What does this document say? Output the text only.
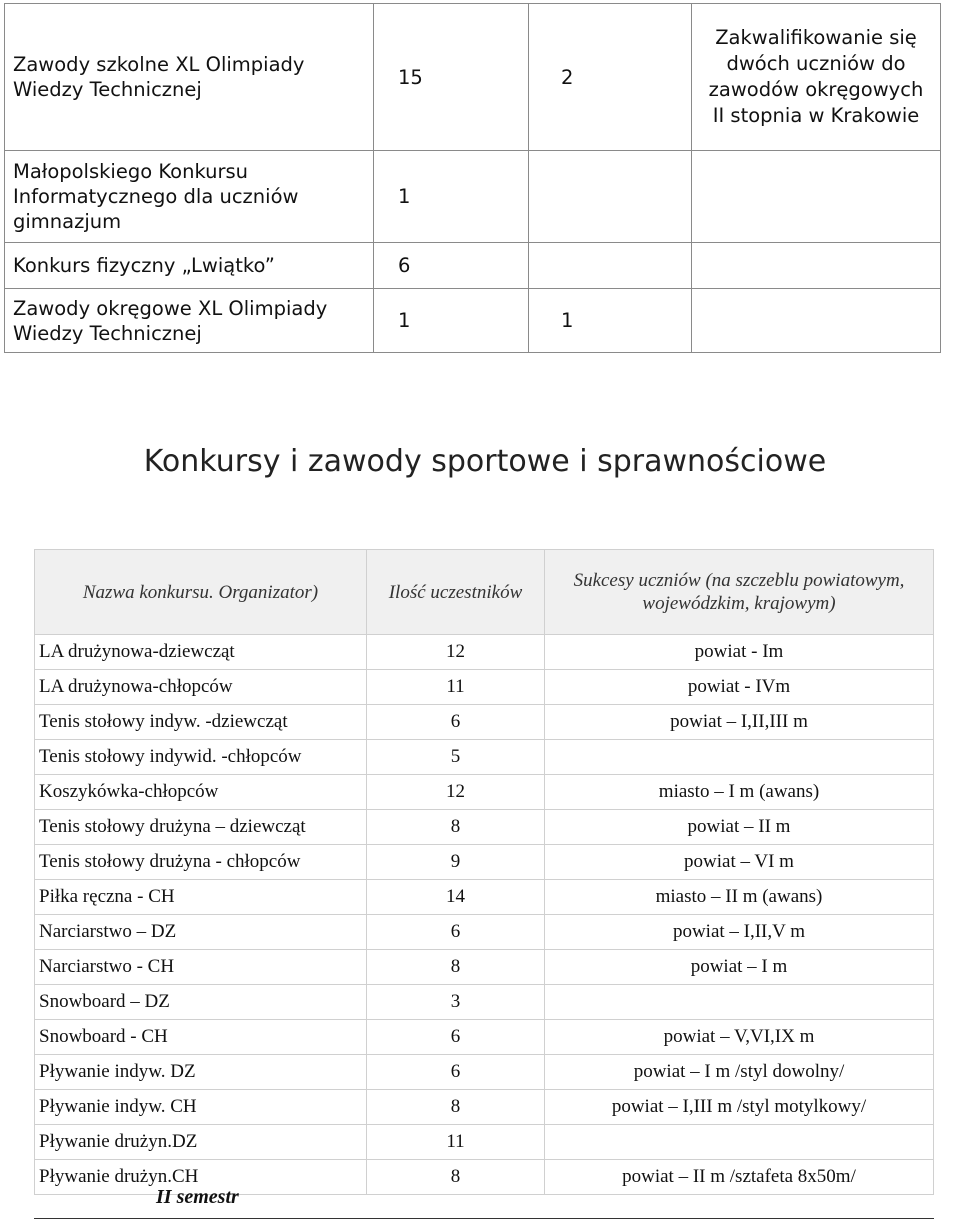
Zawody szkolne XL Olimpiady Wiedzy Technicznej	15	2	Zakwalifikowanie się dwóch uczniów do zawodów okręgowych II stopnia w Krakowie
Małopolskiego Konkursu Informatycznego dla uczniów gimnazjum	1		
Konkurs fizyczny „Lwiątko”	6		
Zawody okręgowe XL Olimpiady Wiedzy Technicznej	1	1	
Konkursy i zawody sportowe i sprawnościowe
Nazwa konkursu. Organizator)	Ilość uczestników	Sukcesy uczniów (na szczeblu powiatowym, wojewódzkim, krajowym)
LA drużynowa-dziewcząt	12	powiat - Im
LA drużynowa-chłopców	11	powiat - IVm
Tenis stołowy indyw. -dziewcząt	6	powiat – I,II,III m
Tenis stołowy indywid. -chłopców	5	
Koszykówka-chłopców	12	miasto – I m (awans)
Tenis stołowy drużyna – dziewcząt	8	powiat – II m
Tenis stołowy drużyna - chłopców	9	powiat – VI m
Piłka ręczna - CH	14	miasto – II m (awans)
Narciarstwo – DZ	6	powiat – I,II,V m
Narciarstwo - CH	8	powiat – I m
Snowboard – DZ	3	
Snowboard - CH	6	powiat – V,VI,IX m
Pływanie indyw. DZ	6	powiat – I m /styl dowolny/
Pływanie indyw. CH	8	powiat – I,III m /styl motylkowy/
Pływanie drużyn.DZ	11	
Pływanie drużyn.CH	8	powiat – II m /sztafeta 8x50m/
II semestr
